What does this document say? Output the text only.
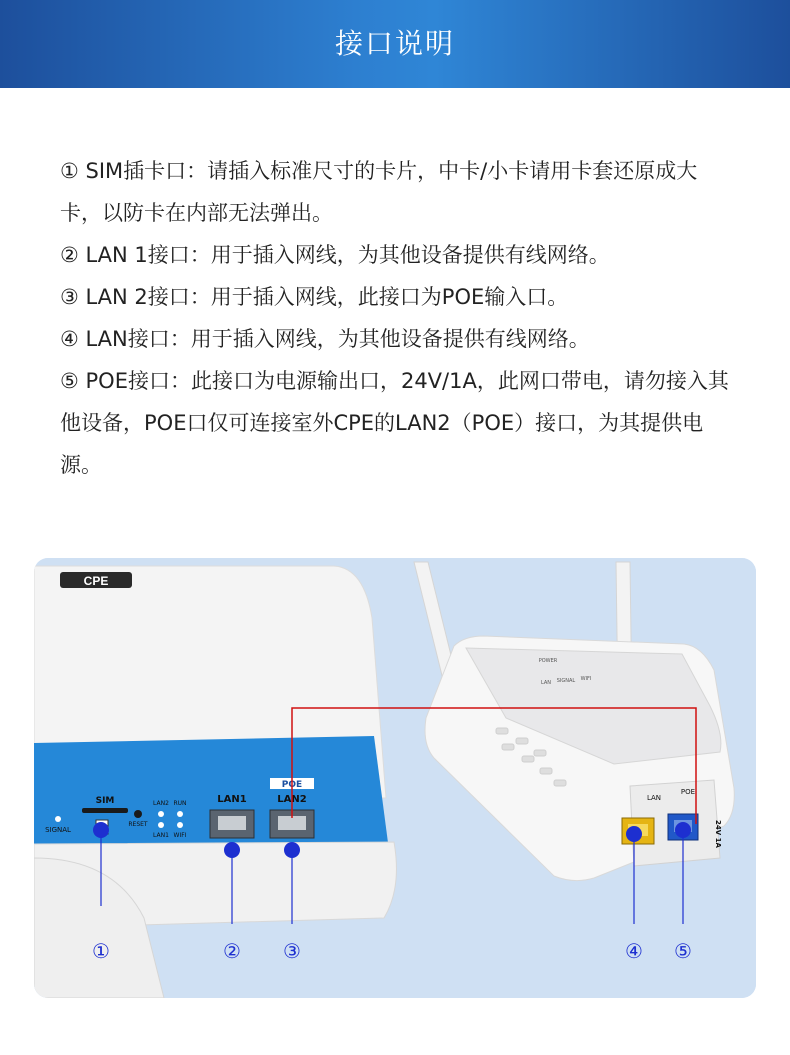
接口说明

① SIM插卡口：请插入标准尺寸的卡片，中卡/小卡请用卡套还原成大卡，以防卡在内部无法弹出。

② LAN 1接口：用于插入网线，为其他设备提供有线网络。

③ LAN 2接口：用于插入网线，此接口为POE输入口。

④ LAN接口：用于插入网线，为其他设备提供有线网络。

⑤ POE接口：此接口为电源输出口，24V/1A，此网口带电，请勿接入其他设备，POE口仅可连接室外CPE的LAN2（POE）接口，为其提供电源。

CPE
SIM
SIGNAL
RESET
LAN2 RUN
LAN1 WIFI
LAN1
POE
LAN2
POWER
LAN SIGNAL WIFI
LAN
POE
24V 1A
①	② ③	④ ⑤
